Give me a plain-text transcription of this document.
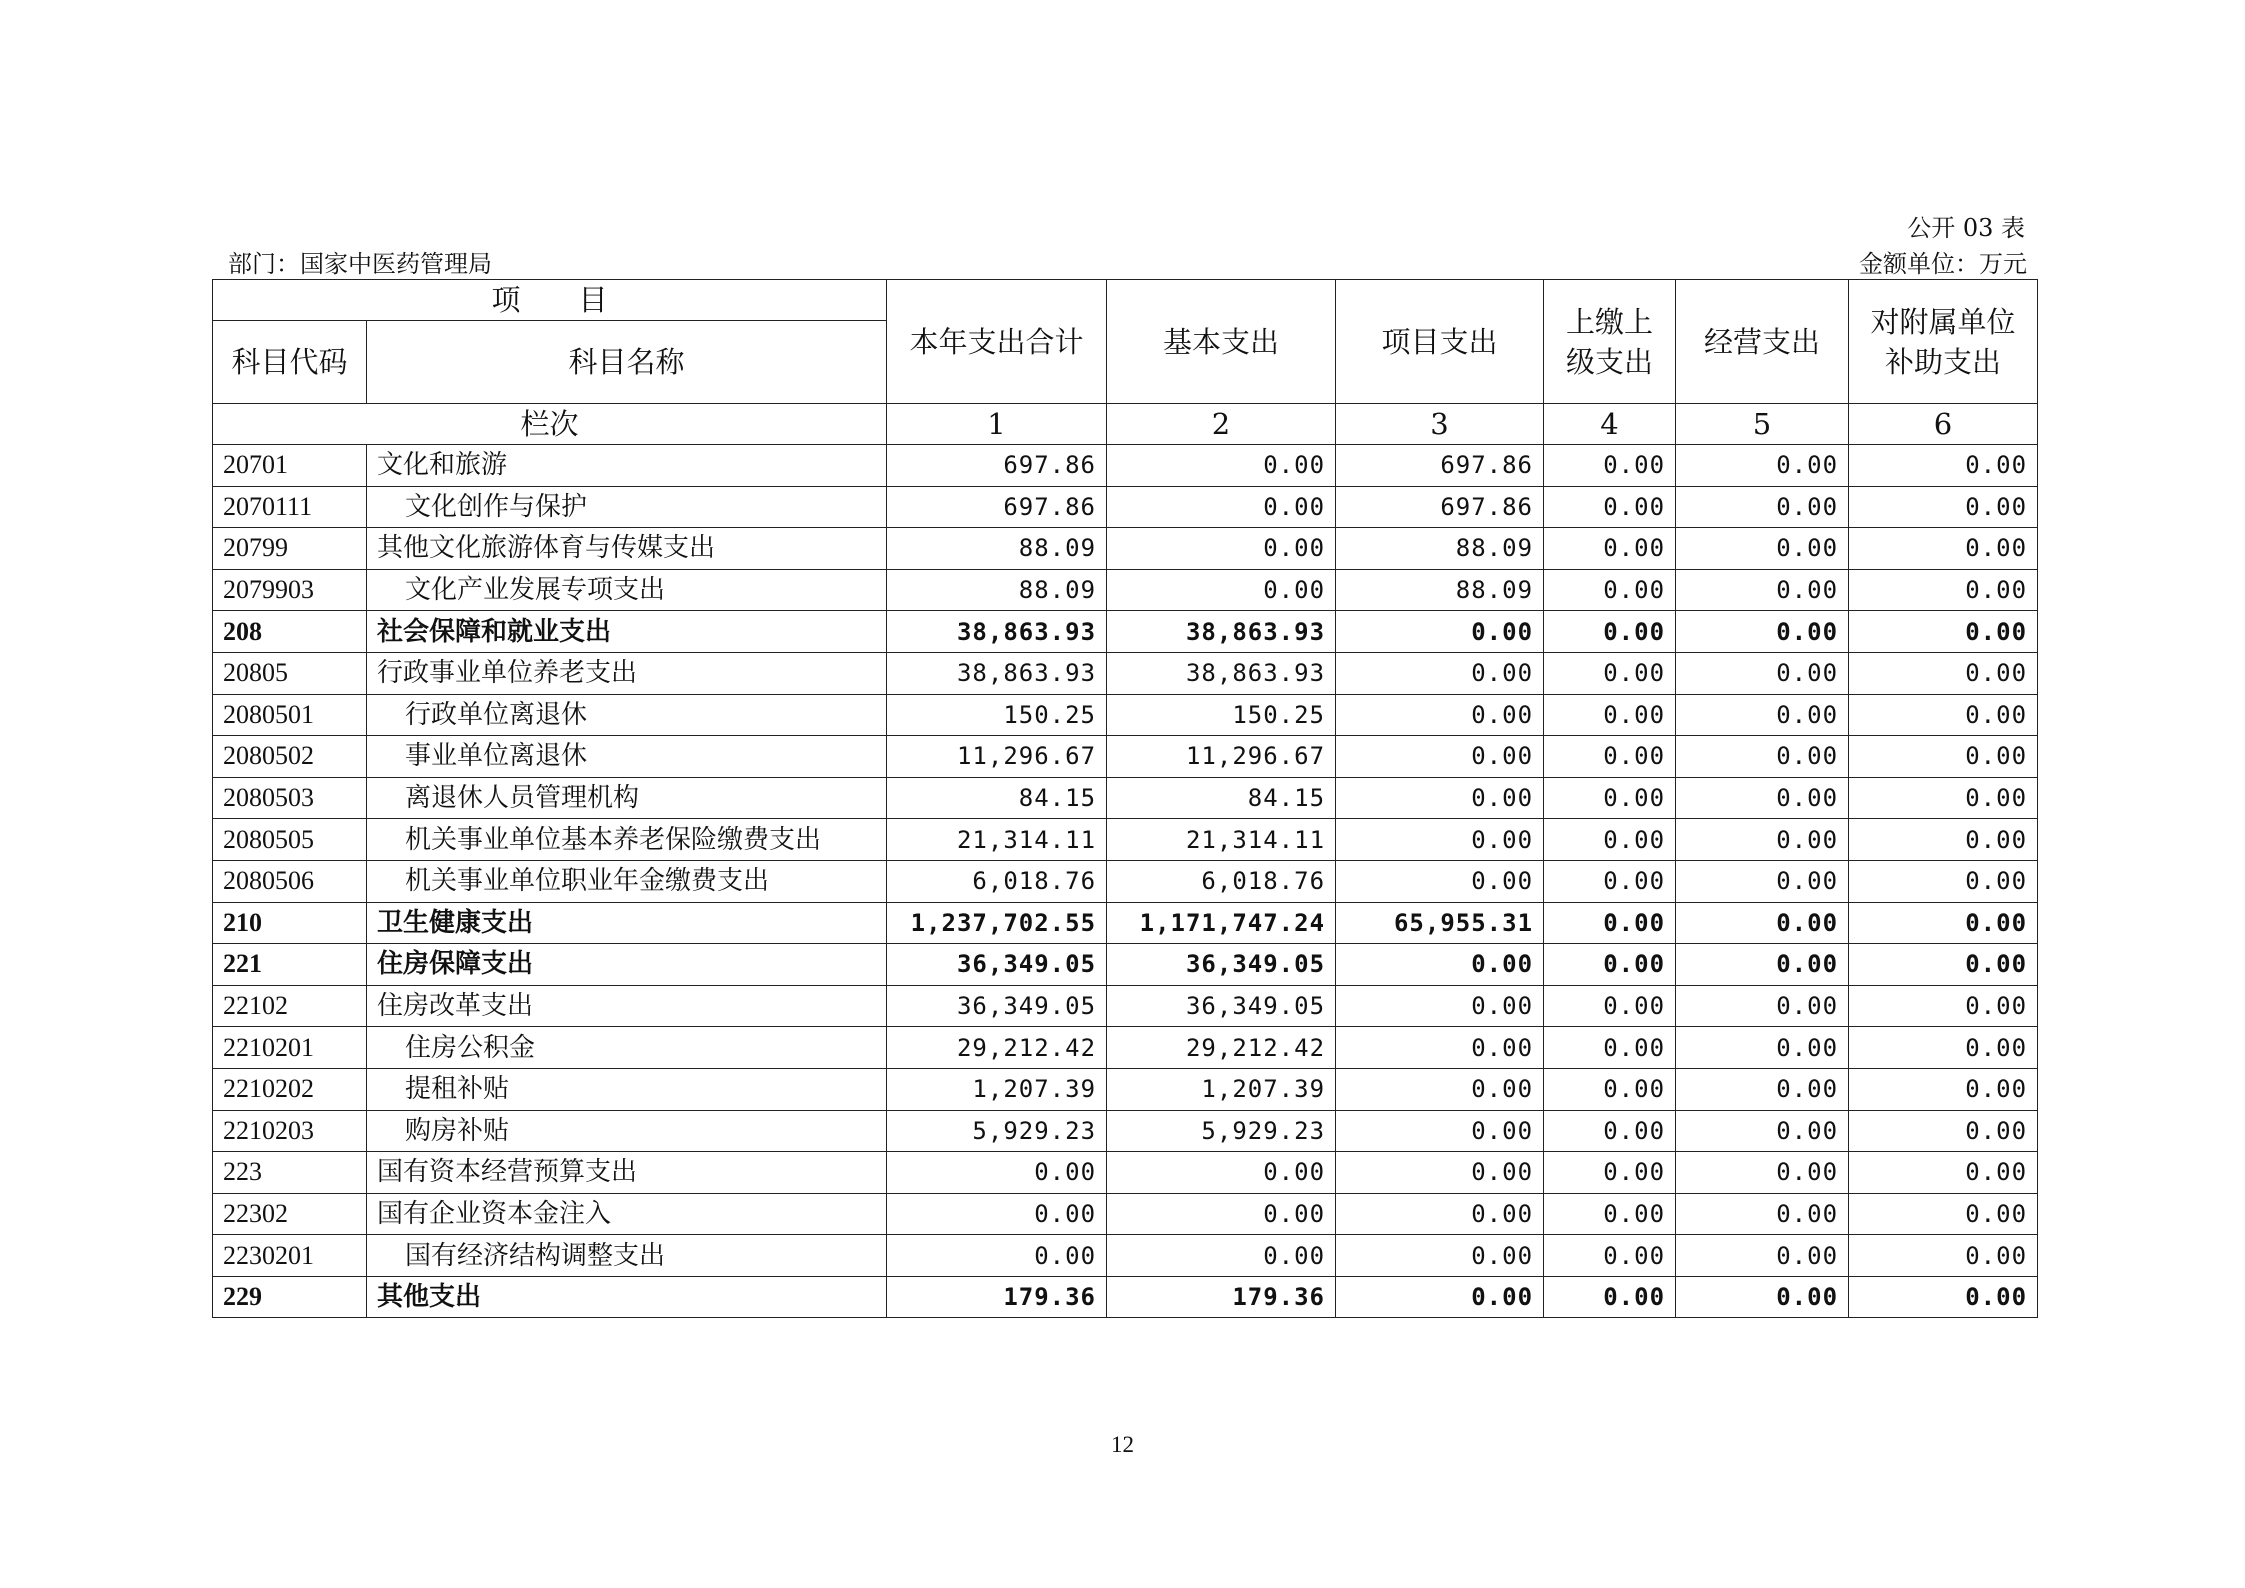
公开 03 表
部门：国家中医药管理局	金额单位：万元
项　　目		本年支出合计	基本支出	项目支出	上缴上级支出	经营支出	对附属单位补助支出
科目代码	科目名称						
栏次		1	2	3	4	5	6
20701	文化和旅游	697.86	0.00	697.86	0.00	0.00	0.00
2070111	文化创作与保护	697.86	0.00	697.86	0.00	0.00	0.00
20799	其他文化旅游体育与传媒支出	88.09	0.00	88.09	0.00	0.00	0.00
2079903	文化产业发展专项支出	88.09	0.00	88.09	0.00	0.00	0.00
208	社会保障和就业支出	38,863.93	38,863.93	0.00	0.00	0.00	0.00
20805	行政事业单位养老支出	38,863.93	38,863.93	0.00	0.00	0.00	0.00
2080501	行政单位离退休	150.25	150.25	0.00	0.00	0.00	0.00
2080502	事业单位离退休	11,296.67	11,296.67	0.00	0.00	0.00	0.00
2080503	离退休人员管理机构	84.15	84.15	0.00	0.00	0.00	0.00
2080505	机关事业单位基本养老保险缴费支出	21,314.11	21,314.11	0.00	0.00	0.00	0.00
2080506	机关事业单位职业年金缴费支出	6,018.76	6,018.76	0.00	0.00	0.00	0.00
210	卫生健康支出	1,237,702.55	1,171,747.24	65,955.31	0.00	0.00	0.00
221	住房保障支出	36,349.05	36,349.05	0.00	0.00	0.00	0.00
22102	住房改革支出	36,349.05	36,349.05	0.00	0.00	0.00	0.00
2210201	住房公积金	29,212.42	29,212.42	0.00	0.00	0.00	0.00
2210202	提租补贴	1,207.39	1,207.39	0.00	0.00	0.00	0.00
2210203	购房补贴	5,929.23	5,929.23	0.00	0.00	0.00	0.00
223	国有资本经营预算支出	0.00	0.00	0.00	0.00	0.00	0.00
22302	国有企业资本金注入	0.00	0.00	0.00	0.00	0.00	0.00
2230201	国有经济结构调整支出	0.00	0.00	0.00	0.00	0.00	0.00
229	其他支出	179.36	179.36	0.00	0.00	0.00	0.00
12
